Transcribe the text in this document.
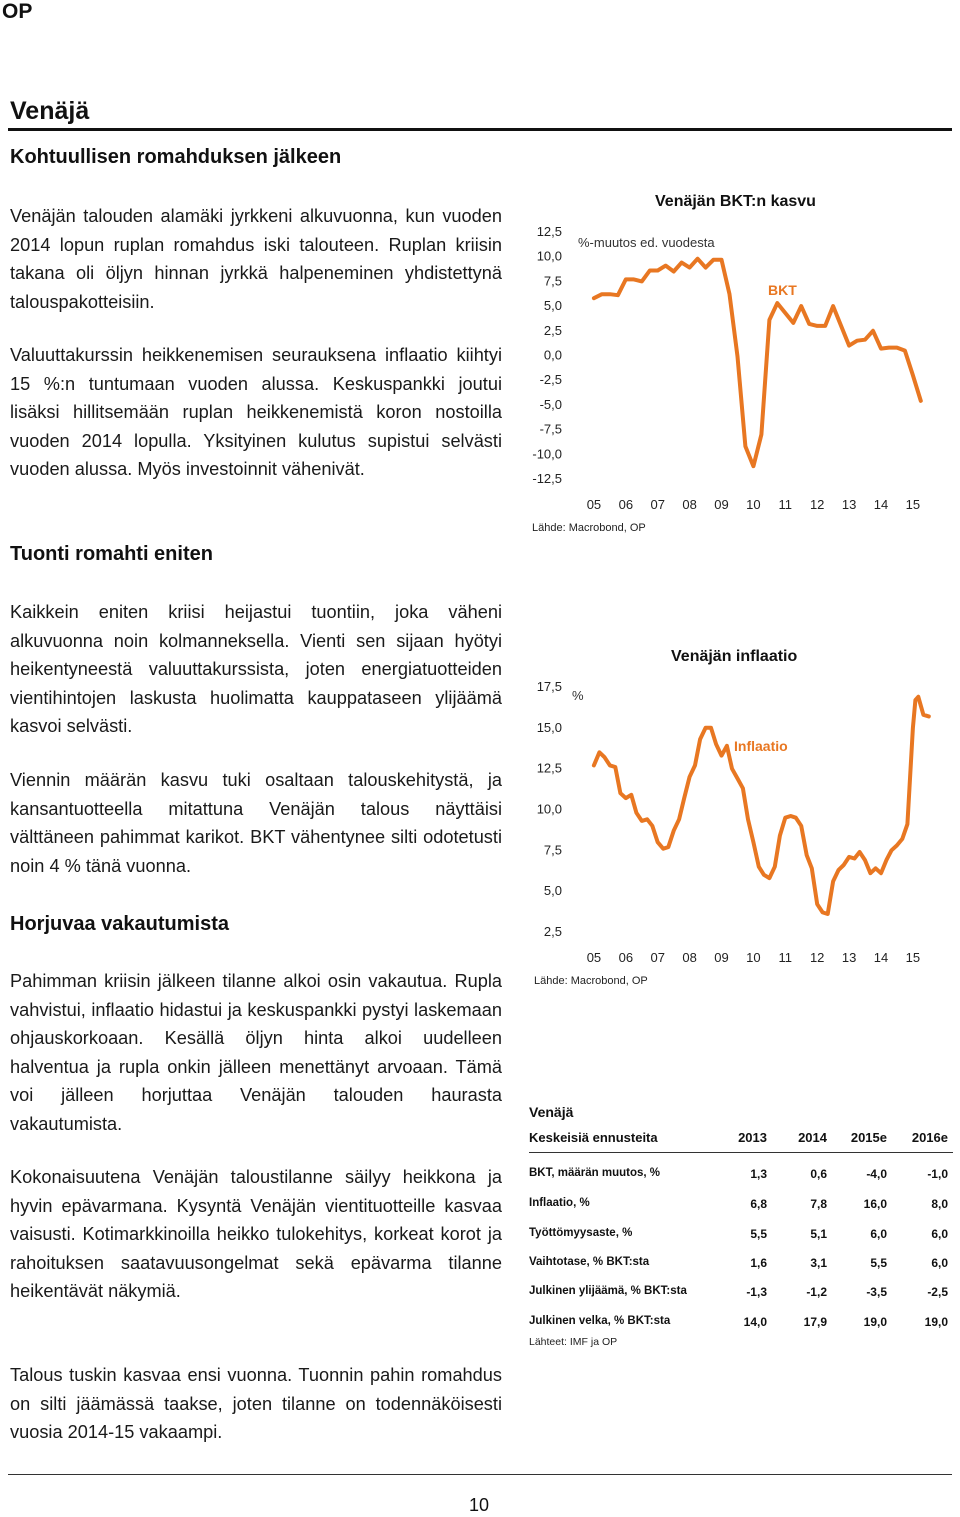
OP
Venäjä
Kohtuullisen romahduksen jälkeen
Venäjän talouden alamäki jyrkkeni alkuvuonna, kun vuoden 2014 lopun ruplan romahdus iski talouteen. Ruplan kriisin takana oli öljyn hinnan jyrkkä halpeneminen yhdistettynä talouspakotteisiin.
Valuuttakurssin heikkenemisen seurauksena inflaatio kiihtyi 15 %:n tuntumaan vuoden alussa. Keskuspankki joutui lisäksi hillitsemään ruplan heikkenemistä koron nostoilla vuoden 2014 lopulla. Yksityinen kulutus supistui selvästi vuoden alussa. Myös investoinnit vähenivät.
Tuonti romahti eniten
Kaikkein eniten kriisi heijastui tuontiin, joka väheni alkuvuonna noin kolmanneksella. Vienti sen sijaan hyötyi heikentyneestä valuuttakurssista, joten energiatuotteiden vientihintojen laskusta huolimatta kauppataseen ylijäämä kasvoi selvästi.
Viennin määrän kasvu tuki osaltaan talouskehitystä, ja kansantuotteella mitattuna Venäjän talous näyttäisi välttäneen pahimmat karikot. BKT vähentynee silti odotetusti noin 4 % tänä vuonna.
Horjuvaa vakautumista
Pahimman kriisin jälkeen tilanne alkoi osin vakautua. Rupla vahvistui, inflaatio hidastui ja keskuspankki pystyi laskemaan ohjauskorkoaan. Kesällä öljyn hinta alkoi uudelleen halventua ja rupla onkin jälleen menettänyt arvoaan. Tämä voi jälleen horjuttaa Venäjän talouden haurasta vakautumista.
Kokonaisuutena Venäjän taloustilanne säilyy heikkona ja hyvin epävarmana. Kysyntä Venäjän vientituotteille kasvaa vaisusti. Kotimarkkinoilla heikko tulokehitys, korkeat korot ja rahoituksen saatavuusongelmat sekä epävarma tilanne heikentävät näkymiä.
Talous tuskin kasvaa ensi vuonna. Tuonnin pahin romahdus on silti jäämässä taakse, joten tilanne on todennäköisesti vuosia 2014-15 vakaampi.
Venäjän BKT:n kasvu
%-muutos ed. vuodesta
12,5
10,0
7,5
5,0
2,5
0,0
-2,5
-5,0
-7,5
-10,0
-12,5
05 06 07 08 09 10 11 12 13 14 15
BKT
Lähde: Macrobond, OP
Venäjän inflaatio
%
17,5
15,0
12,5
10,0
7,5
5,0
2,5
05 06 07 08 09 10 11 12 13 14 15
Inflaatio
Lähde: Macrobond, OP
Venäjä
Keskeisiä ennusteita	2013	2014	2015e	2016e
BKT, määrän muutos, %	1,3	0,6	-4,0	-1,0
Inflaatio, %	6,8	7,8	16,0	8,0
Työttömyysaste, %	5,5	5,1	6,0	6,0
Vaihtotase, % BKT:sta	1,6	3,1	5,5	6,0
Julkinen ylijäämä, % BKT:sta	-1,3	-1,2	-3,5	-2,5
Julkinen velka, % BKT:sta	14,0	17,9	19,0	19,0
Lähteet: IMF ja OP
10
